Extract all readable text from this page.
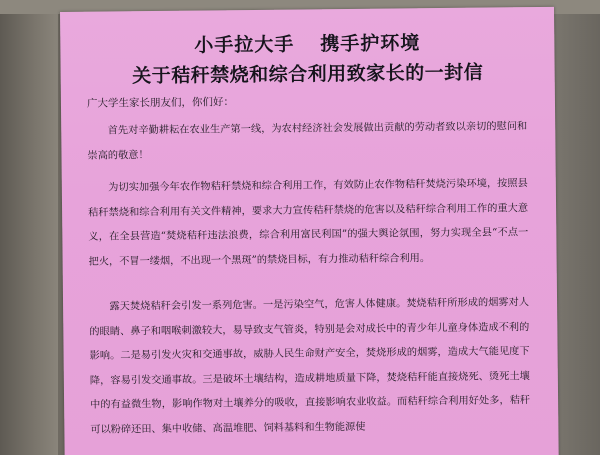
小手拉大手 携手护环境
关于秸秆禁烧和综合利用致家长的一封信
广大学生家长朋友们，你们好：

首先对辛勤耕耘在农业生产第一线，为农村经济社会发展做出贡献的劳动者致以亲切的慰问和崇高的敬意！

为切实加强今年农作物秸秆禁烧和综合利用工作，有效防止农作物秸秆焚烧污染环境，按照县秸秆禁烧和综合利用有关文件精神，要求大力宣传秸秆禁烧的危害以及秸秆综合利用工作的重大意义，在全县营造“焚烧秸秆违法浪费，综合利用富民利国”的强大舆论氛围，努力实现全县“不点一把火，不冒一缕烟，不出现一个黑斑”的禁烧目标，有力推动秸秆综合利用。

露天焚烧秸秆会引发一系列危害。一是污染空气，危害人体健康。焚烧秸秆所形成的烟雾对人的眼睛、鼻子和咽喉刺激较大，易导致支气管炎，特别是会对成长中的青少年儿童身体造成不利的影响。二是易引发火灾和交通事故，威胁人民生命财产安全，焚烧形成的烟雾，造成大气能见度下降，容易引发交通事故。三是破坏土壤结构，造成耕地质量下降，焚烧秸秆能直接烧死、烫死土壤中的有益微生物，影响作物对土壤养分的吸收，直接影响农业收益。而秸秆综合利用好处多，秸秆可以粉碎还田、集中收储、高温堆肥、饲料基料和生物能源使
